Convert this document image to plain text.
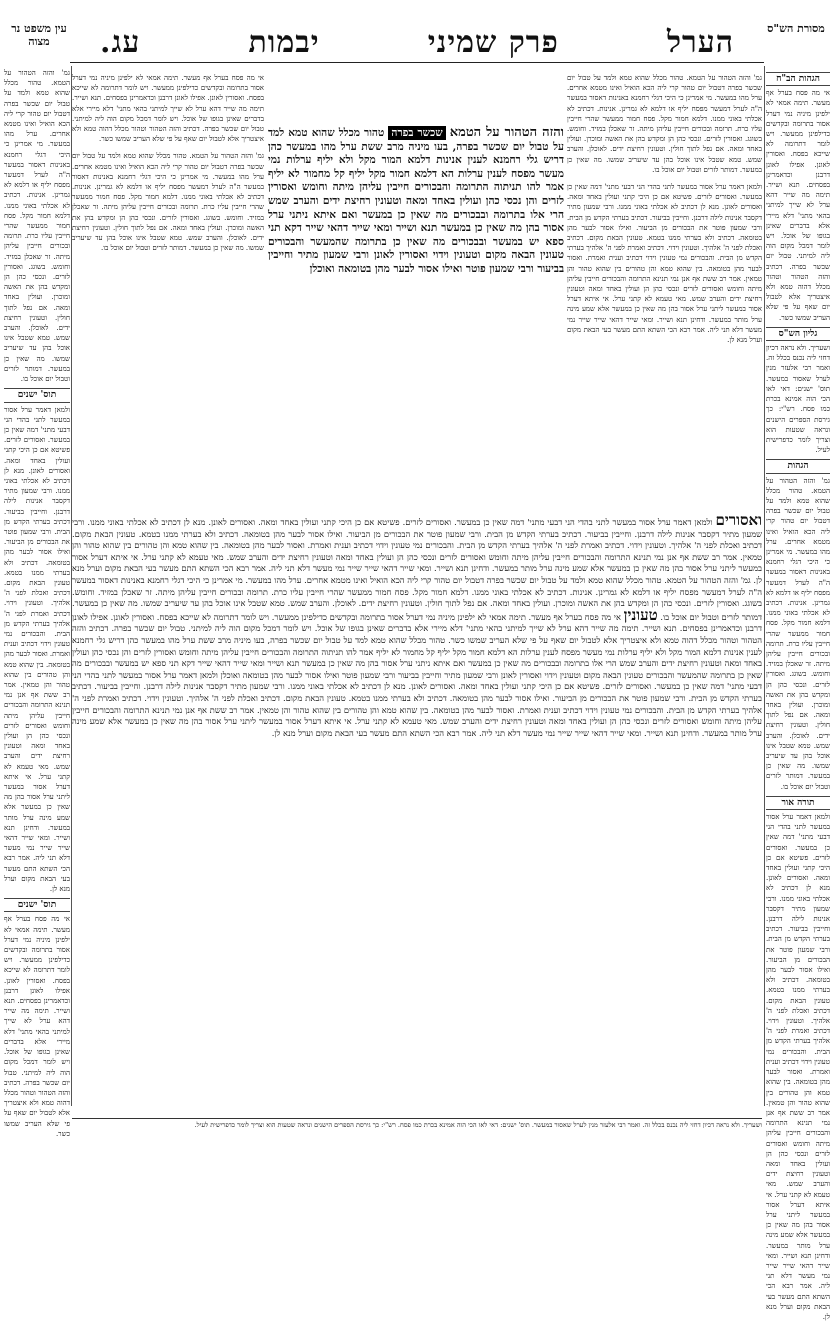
מסורת הש"ס
עין משפט נר מצוה	הערל
פרק שמיני
יבמות
עג.
הגהות הב"ח

אי מה פסח בערל אף מעשר. תימה אמאי לא ילפינן מיניה נמי דערל אסור בתרומה ובקדשים כדילפינן ממעשר. ויש לומר דתרומה לא שייכא בפסח. ואסורין לאונן. אפילו לאונן דרבנן וכדאמרינן בפסחים. תנא ושייר. תימה מה שייר דהא ערל לא שייך למיתני בהאי מתני' דלא מיירי אלא בדברים שאינן בגופו של אוכל. ויש לומר דמכל מקום הוה ליה למיתני. טבול יום שכשר בפרה. דכתיב והזה הטהור וטהור מכלל דהוה טמא ולא איצטריך אלא לטבול יום שאף על פי שלא העריב שמשו כשר.

גליון הש"ס

ושעריך. ולא נראה דכיון דחזי ליה נכנס בכלל זה. ואמר רבי אלעזר מנין לערל שאסור במעשר. תוס' ישנים: דאי לאו הכי הוה אמינא בכרת כמו פסח. רש"י: כך גירסת הספרים הישנים ונראה שטעות הוא וצריך לומר כדפרישית לעיל.

הגהות

גמ' והזה הטהור על הטמא. טהור מכלל שהוא טמא ולמד על טבול יום שכשר בפרה דטבול יום טהור קרי ליה הכא הואיל ואינו מטמא אחרים. ערל מהו במעשר. מי אמרינן כי היכי דגלי רחמנא באנינות דאסור במעשר ה"ה לערל דמעשר מפסח יליף או דלמא לא גמרינן. אנינות. דכתיב לא אכלתי באוני ממנו. דלמא חמור מקל. פסח חמור ממעשר שהרי חייבין עליו כרת. תרומה ובכורים חייבין עליהן מיתה. זר שאכלן במזיד. וחומש. בשוגג. ואסורין לזרים. ונכסי כהן הן ומקדש בהן את האשה ומוכרן. ועולין באחד ומאה. אם נפל לתוך חולין. וטעונין רחיצת ידים. לאוכלן. והערב שמש. טמא שטבל אינו אוכל בהן עד שיעריב שמשו. מה שאין כן במעשר. דמותר לזרים וטבול יום אוכל בו.

תורה אור

ולמאן דאמר ערל אסור במעשר לתני בהדי הני דבעי מתני' דמה שאין כן במעשר. ואסורים לזרים. פשיטא אם כן היכי קתני ועולין באחד ומאה. ואסורים לאונן. מנא לן דכתיב לא אכלתי באוני ממנו. ורבי שמעון מתיר דקסבר אנינות לילה דרבנן. וחייבין בביעור. דכתיב בערתי הקדש מן הבית. ורבי שמעון פוטר את הבכורים מן הביעור. ואילו אסור לבער מהן בטומאה. דכתיב ולא בערתי ממנו בטמא. טעונין הבאת מקום. דכתיב ואכלת לפני ה' אלהיך. וטעונין וידוי. דכתיב ואמרת לפני ה' אלהיך בערתי הקדש מן הבית. והבכורים נמי טעונין וידוי דכתיב וענית ואמרת. ואסור לבער מהן בטומאה. בין שהוא טמא והן טהורים בין שהוא טהור והן טמאין. אמר רב ששת אף אנן נמי תנינא התרומה והבכורים חייבין עליהן מיתה וחומש ואסורים לזרים ונכסי כהן הן ועולין באחד ומאה וטעונין רחיצת ידים והערב שמש. מאי טעמא לא קתני ערל. אי איתא דערל אסור במעשר ליתני ערל אסור בהן מה שאין כן במעשר אלא שמע מינה ערל מותר במעשר. ודחינן תנא ושייר. ומאי שייר דהאי שייר שייר נמי מעשר דלא תני ליה. אמר רבא הכי השתא התם מעשר בעי הבאת מקום וערל מנא לן.

גמ' והזה הטהור על הטמא. טהור מכלל שהוא טמא ולמד על טבול יום שכשר בפרה דטבול יום טהור קרי ליה הכא הואיל ואינו מטמא אחרים. ערל מהו במעשר. מי אמרינן כי היכי דגלי רחמנא באנינות דאסור במעשר ה"ה לערל דמעשר מפסח יליף או דלמא לא גמרינן. אנינות. דכתיב לא אכלתי באוני ממנו. דלמא חמור מקל. פסח חמור ממעשר שהרי חייבין עליו כרת. תרומה ובכורים חייבין עליהן מיתה. זר שאכלן במזיד. וחומש. בשוגג. ואסורין לזרים. ונכסי כהן הן ומקדש בהן את האשה ומוכרן. ועולין באחד ומאה. אם נפל לתוך חולין. וטעונין רחיצת ידים. לאוכלן. והערב שמש. טמא שטבל אינו אוכל בהן עד שיעריב שמשו. מה שאין כן במעשר. דמותר לזרים וטבול יום אוכל בו.

תוס' ישנים

ולמאן דאמר ערל אסור במעשר לתני בהדי הני דבעי מתני' דמה שאין כן במעשר. ואסורים לזרים. פשיטא אם כן היכי קתני ועולין באחד ומאה. ואסורים לאונן. מנא לן דכתיב לא אכלתי באוני ממנו. ורבי שמעון מתיר דקסבר אנינות לילה דרבנן. וחייבין בביעור. דכתיב בערתי הקדש מן הבית. ורבי שמעון פוטר את הבכורים מן הביעור. ואילו אסור לבער מהן בטומאה. דכתיב ולא בערתי ממנו בטמא. טעונין הבאת מקום. דכתיב ואכלת לפני ה' אלהיך. וטעונין וידוי. דכתיב ואמרת לפני ה' אלהיך בערתי הקדש מן הבית. והבכורים נמי טעונין וידוי דכתיב וענית ואמרת. ואסור לבער מהן בטומאה. בין שהוא טמא והן טהורים בין שהוא טהור והן טמאין. אמר רב ששת אף אנן נמי תנינא התרומה והבכורים חייבין עליהן מיתה וחומש ואסורים לזרים ונכסי כהן הן ועולין באחד ומאה וטעונין רחיצת ידים והערב שמש. מאי טעמא לא קתני ערל. אי איתא דערל אסור במעשר ליתני ערל אסור בהן מה שאין כן במעשר אלא שמע מינה ערל מותר במעשר. ודחינן תנא ושייר. ומאי שייר דהאי שייר שייר נמי מעשר דלא תני ליה. אמר רבא הכי השתא התם מעשר בעי הבאת מקום וערל מנא לן.

תוס' ישנים

אי מה פסח בערל אף מעשר. תימה אמאי לא ילפינן מיניה נמי דערל אסור בתרומה ובקדשים כדילפינן ממעשר. ויש לומר דתרומה לא שייכא בפסח. ואסורין לאונן. אפילו לאונן דרבנן וכדאמרינן בפסחים. תנא ושייר. תימה מה שייר דהא ערל לא שייך למיתני בהאי מתני' דלא מיירי אלא בדברים שאינן בגופו של אוכל. ויש לומר דמכל מקום הוה ליה למיתני. טבול יום שכשר בפרה. דכתיב והזה הטהור וטהור מכלל דהוה טמא ולא איצטריך אלא לטבול יום שאף על פי שלא העריב שמשו כשר.

גמ' והזה הטהור על הטמא. טהור מכלל שהוא טמא ולמד על טבול יום שכשר בפרה דטבול יום טהור קרי ליה הכא הואיל ואינו מטמא אחרים. ערל מהו במעשר. מי אמרינן כי היכי דגלי רחמנא באנינות דאסור במעשר ה"ה לערל דמעשר מפסח יליף או דלמא לא גמרינן. אנינות. דכתיב לא אכלתי באוני ממנו. דלמא חמור מקל. פסח חמור ממעשר שהרי חייבין עליו כרת. תרומה ובכורים חייבין עליהן מיתה. זר שאכלן במזיד. וחומש. בשוגג. ואסורין לזרים. ונכסי כהן הן ומקדש בהן את האשה ומוכרן. ועולין באחד ומאה. אם נפל לתוך חולין. וטעונין רחיצת ידים. לאוכלן. והערב שמש. טמא שטבל אינו אוכל בהן עד שיעריב שמשו. מה שאין כן במעשר. דמותר לזרים וטבול יום אוכל בו.

ולמאן דאמר ערל אסור במעשר לתני בהדי הני דבעי מתני' דמה שאין כן במעשר. ואסורים לזרים. פשיטא אם כן היכי קתני ועולין באחד ומאה. ואסורים לאונן. מנא לן דכתיב לא אכלתי באוני ממנו. ורבי שמעון מתיר דקסבר אנינות לילה דרבנן. וחייבין בביעור. דכתיב בערתי הקדש מן הבית. ורבי שמעון פוטר את הבכורים מן הביעור. ואילו אסור לבער מהן בטומאה. דכתיב ולא בערתי ממנו בטמא. טעונין הבאת מקום. דכתיב ואכלת לפני ה' אלהיך. וטעונין וידוי. דכתיב ואמרת לפני ה' אלהיך בערתי הקדש מן הבית. והבכורים נמי טעונין וידוי דכתיב וענית ואמרת. ואסור לבער מהן בטומאה. בין שהוא טמא והן טהורים בין שהוא טהור והן טמאין. אמר רב ששת אף אנן נמי תנינא התרומה והבכורים חייבין עליהן מיתה וחומש ואסורים לזרים ונכסי כהן הן ועולין באחד ומאה וטעונין רחיצת ידים והערב שמש. מאי טעמא לא קתני ערל. אי איתא דערל אסור במעשר ליתני ערל אסור בהן מה שאין כן במעשר אלא שמע מינה ערל מותר במעשר. ודחינן תנא ושייר. ומאי שייר דהאי שייר שייר נמי מעשר דלא תני ליה. אמר רבא הכי השתא התם מעשר בעי הבאת מקום וערל מנא לן.

אי מה פסח בערל אף מעשר. תימה אמאי לא ילפינן מיניה נמי דערל אסור בתרומה ובקדשים כדילפינן ממעשר. ויש לומר דתרומה לא שייכא בפסח. ואסורין לאונן. אפילו לאונן דרבנן וכדאמרינן בפסחים. תנא ושייר. תימה מה שייר דהא ערל לא שייך למיתני בהאי מתני' דלא מיירי אלא בדברים שאינן בגופו של אוכל. ויש לומר דמכל מקום הוה ליה למיתני. טבול יום שכשר בפרה. דכתיב והזה הטהור וטהור מכלל דהוה טמא ולא איצטריך אלא לטבול יום שאף על פי שלא העריב שמשו כשר.

גמ' והזה הטהור על הטמא. טהור מכלל שהוא טמא ולמד על טבול יום שכשר בפרה דטבול יום טהור קרי ליה הכא הואיל ואינו מטמא אחרים. ערל מהו במעשר. מי אמרינן כי היכי דגלי רחמנא באנינות דאסור במעשר ה"ה לערל דמעשר מפסח יליף או דלמא לא גמרינן. אנינות. דכתיב לא אכלתי באוני ממנו. דלמא חמור מקל. פסח חמור ממעשר שהרי חייבין עליו כרת. תרומה ובכורים חייבין עליהן מיתה. זר שאכלן במזיד. וחומש. בשוגג. ואסורין לזרים. ונכסי כהן הן ומקדש בהן את האשה ומוכרן. ועולין באחד ומאה. אם נפל לתוך חולין. וטעונין רחיצת ידים. לאוכלן. והערב שמש. טמא שטבל אינו אוכל בהן עד שיעריב שמשו. מה שאין כן במעשר. דמותר לזרים וטבול יום אוכל בו.

והזה הטהור על הטמא שכשר בפרה טהור מכלל שהוא טמא למד על טבול יום שכשר בפרה, בעו מיניה מרב ששת ערל מהו במעשר כהן דריש גלי רחמנא לענין אנינות דלמא המור מקל ולא יליף ערלות נמי מעשר מפסח לענין ערלות הא דלמא חמור מקל יליף קל מחמור לא יליף אמר להו תניתוה התרומה והבכורים חייבין עליהן מיתה וחומש ואסורין לזרים והן נכסי כהן ועולין באחד ומאה וטעונין רחיצת ידים והערב שמש הרי אלו בתרומה ובבכורים מה שאין כן במעשר ואם איתא ניתני ערל אסור בהן מה שאין כן במעשר תנא ושייר ומאי שייר דהאי שייר דקא תני ספא יש במעשר ובבכורים מה שאין כן בתרומה שהמעשר והבכורים טעונין הבאה מקום וטעונין וידוי ואסורין לאונן ורבי שמעון מתיר וחייבין בביעור ורבי שמעון פוטר ואילו אסור לבער מהן בטומאה ואוכלן
ואסורים ולמאן דאמר ערל אסור במעשר לתני בהדי הני דבעי מתני' דמה שאין כן במעשר. ואסורים לזרים. פשיטא אם כן היכי קתני ועולין באחד ומאה. ואסורים לאונן. מנא לן דכתיב לא אכלתי באוני ממנו. ורבי שמעון מתיר דקסבר אנינות לילה דרבנן. וחייבין בביעור. דכתיב בערתי הקדש מן הבית. ורבי שמעון פוטר את הבכורים מן הביעור. ואילו אסור לבער מהן בטומאה. דכתיב ולא בערתי ממנו בטמא. טעונין הבאת מקום. דכתיב ואכלת לפני ה' אלהיך. וטעונין וידוי. דכתיב ואמרת לפני ה' אלהיך בערתי הקדש מן הבית. והבכורים נמי טעונין וידוי דכתיב וענית ואמרת. ואסור לבער מהן בטומאה. בין שהוא טמא והן טהורים בין שהוא טהור והן טמאין. אמר רב ששת אף אנן נמי תנינא התרומה והבכורים חייבין עליהן מיתה וחומש ואסורים לזרים ונכסי כהן הן ועולין באחד ומאה וטעונין רחיצת ידים והערב שמש. מאי טעמא לא קתני ערל. אי איתא דערל אסור במעשר ליתני ערל אסור בהן מה שאין כן במעשר אלא שמע מינה ערל מותר במעשר. ודחינן תנא ושייר. ומאי שייר דהאי שייר שייר נמי מעשר דלא תני ליה. אמר רבא הכי השתא התם מעשר בעי הבאת מקום וערל מנא לן. גמ' והזה הטהור על הטמא. טהור מכלל שהוא טמא ולמד על טבול יום שכשר בפרה דטבול יום טהור קרי ליה הכא הואיל ואינו מטמא אחרים. ערל מהו במעשר. מי אמרינן כי היכי דגלי רחמנא באנינות דאסור במעשר ה"ה לערל דמעשר מפסח יליף או דלמא לא גמרינן. אנינות. דכתיב לא אכלתי באוני ממנו. דלמא חמור מקל. פסח חמור ממעשר שהרי חייבין עליו כרת. תרומה ובכורים חייבין עליהן מיתה. זר שאכלן במזיד. וחומש. בשוגג. ואסורין לזרים. ונכסי כהן הן ומקדש בהן את האשה ומוכרן. ועולין באחד ומאה. אם נפל לתוך חולין. וטעונין רחיצת ידים. לאוכלן. והערב שמש. טמא שטבל אינו אוכל בהן עד שיעריב שמשו. מה שאין כן במעשר. דמותר לזרים וטבול יום אוכל בו. טעונין אי מה פסח בערל אף מעשר. תימה אמאי לא ילפינן מיניה נמי דערל אסור בתרומה ובקדשים כדילפינן ממעשר. ויש לומר דתרומה לא שייכא בפסח. ואסורין לאונן. אפילו לאונן דרבנן וכדאמרינן בפסחים. תנא ושייר. תימה מה שייר דהא ערל לא שייך למיתני בהאי מתני' דלא מיירי אלא בדברים שאינן בגופו של אוכל. ויש לומר דמכל מקום הוה ליה למיתני. טבול יום שכשר בפרה. דכתיב והזה הטהור וטהור מכלל דהוה טמא ולא איצטריך אלא לטבול יום שאף על פי שלא העריב שמשו כשר. טהור מכלל שהוא טמא למד על טבול יום שכשר בפרה, בעו מיניה מרב ששת ערל מהו במעשר כהן דריש גלי רחמנא לענין אנינות דלמא המור מקל ולא יליף ערלות נמי מעשר מפסח לענין ערלות הא דלמא חמור מקל יליף קל מחמור לא יליף אמר להו תניתוה התרומה והבכורים חייבין עליהן מיתה וחומש ואסורין לזרים והן נכסי כהן ועולין באחד ומאה וטעונין רחיצת ידים והערב שמש הרי אלו בתרומה ובבכורים מה שאין כן במעשר ואם איתא ניתני ערל אסור בהן מה שאין כן במעשר תנא ושייר ומאי שייר דהאי שייר דקא תני ספא יש במעשר ובבכורים מה שאין כן בתרומה שהמעשר והבכורים טעונין הבאה מקום וטעונין וידוי ואסורין לאונן ורבי שמעון מתיר וחייבין בביעור ורבי שמעון פוטר ואילו אסור לבער מהן בטומאה ואוכלן ולמאן דאמר ערל אסור במעשר לתני בהדי הני דבעי מתני' דמה שאין כן במעשר. ואסורים לזרים. פשיטא אם כן היכי קתני ועולין באחד ומאה. ואסורים לאונן. מנא לן דכתיב לא אכלתי באוני ממנו. ורבי שמעון מתיר דקסבר אנינות לילה דרבנן. וחייבין בביעור. דכתיב בערתי הקדש מן הבית. ורבי שמעון פוטר את הבכורים מן הביעור. ואילו אסור לבער מהן בטומאה. דכתיב ולא בערתי ממנו בטמא. טעונין הבאת מקום. דכתיב ואכלת לפני ה' אלהיך. וטעונין וידוי. דכתיב ואמרת לפני ה' אלהיך בערתי הקדש מן הבית. והבכורים נמי טעונין וידוי דכתיב וענית ואמרת. ואסור לבער מהן בטומאה. בין שהוא טמא והן טהורים בין שהוא טהור והן טמאין. אמר רב ששת אף אנן נמי תנינא התרומה והבכורים חייבין עליהן מיתה וחומש ואסורים לזרים ונכסי כהן הן ועולין באחד ומאה וטעונין רחיצת ידים והערב שמש. מאי טעמא לא קתני ערל. אי איתא דערל אסור במעשר ליתני ערל אסור בהן מה שאין כן במעשר אלא שמע מינה ערל מותר במעשר. ודחינן תנא ושייר. ומאי שייר דהאי שייר שייר נמי מעשר דלא תני ליה. אמר רבא הכי השתא התם מעשר בעי הבאת מקום וערל מנא לן.
ושעריך. ולא נראה דכיון דחזי ליה נכנס בכלל זה. ואמר רבי אלעזר מנין לערל שאסור במעשר. תוס' ישנים: דאי לאו הכי הוה אמינא בכרת כמו פסח. רש"י: כך גירסת הספרים הישנים ונראה שטעות הוא וצריך לומר כדפרישית לעיל.
